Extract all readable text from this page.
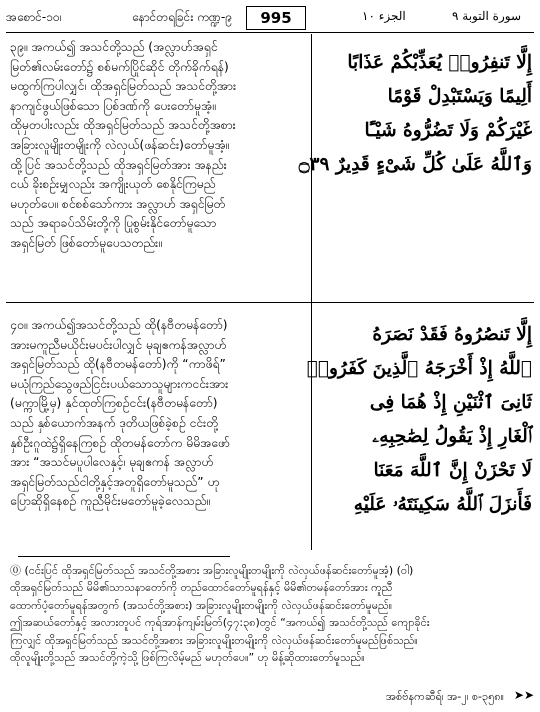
အစောင်-၁၀၊	နောင်တရခြင်း ကဏ္ဍ-၉	995	الجزء ۱۰	سورة التوبة ۹
၃၉။ အကယ်၍ အသင်တို့သည် (အလ္လာဟ်အရှင်
မြတ်၏လမ်းတော်၌ စစ်မက်ပြိုင်ဆိုင် တိုက်ခိုက်ရန်)
မထွက်ကြပါလျှင်၊ ထိုအရှင်မြတ်သည် အသင်တို့အား
နာကျင်ဖွယ်ဖြစ်သော ပြစ်ဒဏ်ကို ပေးတော်မူအံ့။
ထိုမှတပါးလည်း ထိုအရှင်မြတ်သည် အသင်တို့အစား
အခြားလူမျိုးတမျိုးကို လဲလှယ်(ဖန်ဆင်း)တော်မူအံ့။
ထို့ပြင် အသင်တို့သည် ထိုအရှင်မြတ်အား အနည်း
ငယ် ခိုးစဉ်းမျှလည်း အကျိုးယုတ် စေနိုင်ကြမည်
မဟုတ်ပေ။ စင်စစ်သော်ကား အလ္လာဟ် အရှင်မြတ်
သည် အရာခပ်သိမ်းတို့ကို ပြုစွမ်းနိုင်တော်မူသော
အရှင်မြတ် ဖြစ်တော်မူပေသတည်း။
၄၀။ အကယ်၍အသင်တို့သည် ထို(နဗီတမန်တော်)
အားမကူညီမယိုင်းမပင်းပါလျှင် မုချဧကန်အလ္လာဟ်
အရှင်မြတ်သည် ထို(နဗီတမန်တော်)ကို “ကာဖိရ်”
မယုံကြည်သွေဖည်ငြင်းပယ်သောသူများကငင်းအား
(မက္ကာမြို့မှ) နှင်ထုတ်ကြစဉ်ငင်း(နဗီတမန်တော်)
သည် နှစ်ယောက်အနက် ဒုတိယဖြစ်ခဲ့စဉ် ငင်းတို့
နှစ်ဦးဂူထဲ၌ရှိနေကြစဉ် ထိုတမန်တော်က မိမိအဖော်
အား “အသင်မပူပါလေနှင့်၊ မုချဧကန် အလ္လာဟ်
အရှင်မြတ်သည်ငါတို့နှင့်အတူရှိတော်မူသည်” ဟု
ပြောဆိုရှိနေစဉ် ကူညီမိုင်းမတော်မူခဲ့လေသည်။
إِلَّا تَنفِرُوا۟ يُعَذِّبْكُمْ عَذَابًا
أَلِيمًا وَيَسْتَبْدِلْ قَوْمًا
غَيْرَكُمْ وَلَا تَضُرُّوهُ شَيْـًٔا
وَٱللَّهُ عَلَىٰ كُلِّ شَىْءٍ قَدِيرٌ ۝٣٩
إِلَّا تَنصُرُوهُ فَقَدْ نَصَرَهُ
ٱللَّهُ إِذْ أَخْرَجَهُ ٱلَّذِينَ كَفَرُوا۟
ثَانِىَ ٱثْنَيْنِ إِذْ هُمَا فِى
ٱلْغَارِ إِذْ يَقُولُ لِصَٰحِبِهِۦ
لَا تَحْزَنْ إِنَّ ٱللَّهَ مَعَنَا
فَأَنزَلَ ٱللَّهُ سَكِينَتَهُۥ عَلَيْهِ
⓪ (ငင်းပြင် ထိုအရှင်မြတ်သည် အသင်တို့အစား အခြားလူမျိုးတမျိုးကို လဲလှယ်ဖန်ဆင်းတော်မူအံ့) (ဝါ)
ထိုအရှင်မြတ်သည် မိမိ၏သာသနာတော်ကို တည်ထောင်တော်မူရန်နှင့် မိမိ၏တမန်တော်အား ကူညီ
ထောက်ပံ့တော်မူရန်အတွက် (အသင်တို့အစား) အခြားလူမျိုးတမျိုးကို လဲလှယ်ဖန်ဆင်းတော်မူမည်။
ဤအဆယ်တော်နှင့် အလားတူပင် ကုရ်အာန်ကျမ်းမြတ်(၄၇:၃၈)တွင် “အကယ်၍ အသင်တို့သည် ကျောခိုင်း
ကြလျှင် ထိုအရှင်မြတ်သည် အသင်တို့အစား အခြားလူမျိုးတမျိုးကို လဲလှယ်ဖန်ဆင်းတော်မူမည်ဖြစ်သည်။
ထိုလူမျိုးတို့သည် အသင်တို့ကဲ့သို့ ဖြစ်ကြလိမ့်မည် မဟုတ်ပေ။” ဟု မိန့်ဆိုထားတော်မူသည်။
အစ်ဗ်နကဆီရ်၊ အ-၂၊ စ-၃၅၈။ ➤➤
